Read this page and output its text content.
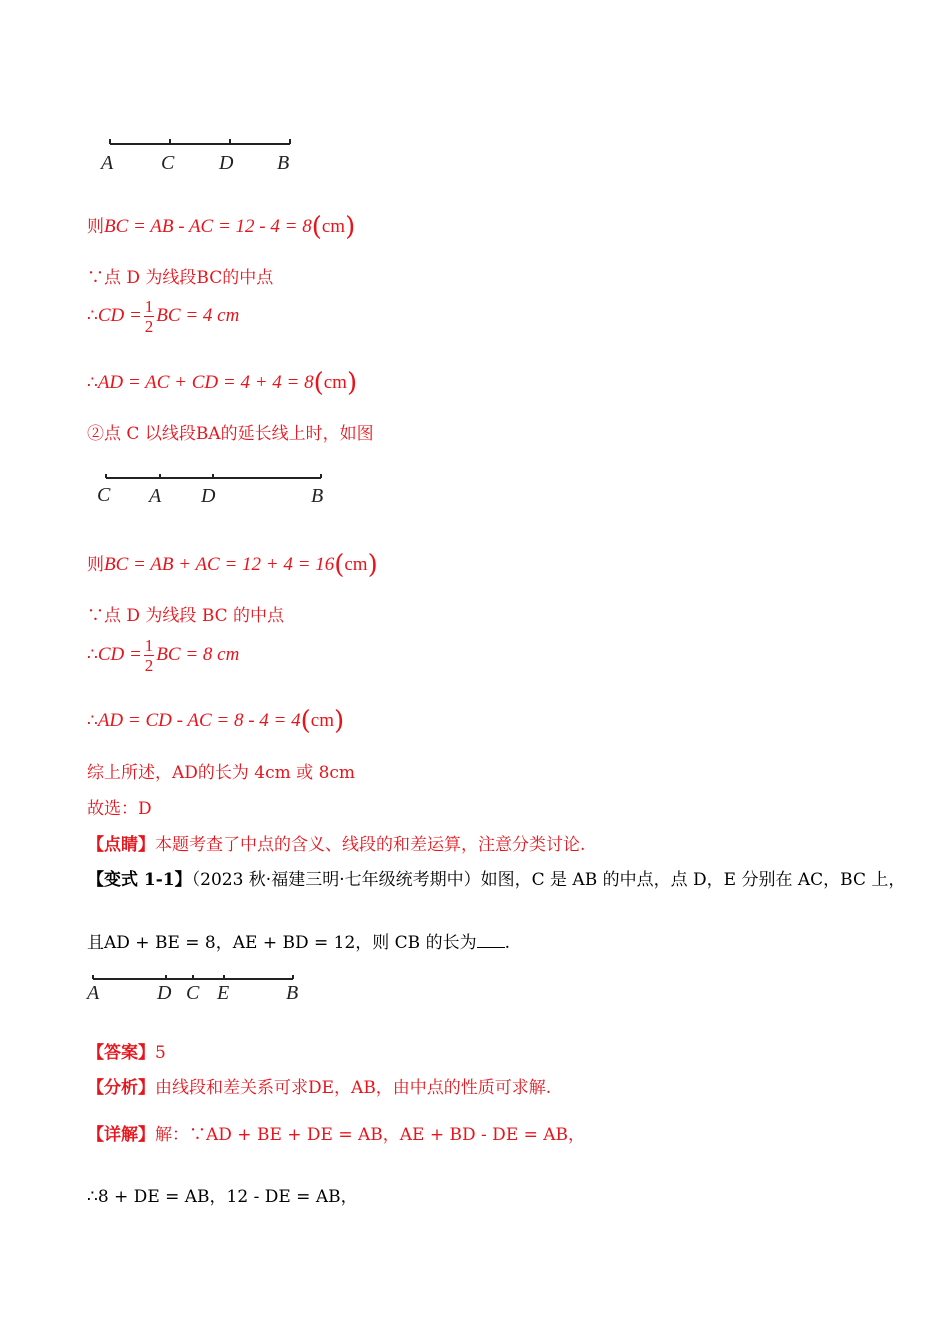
A C D B
C A D	B
A	D C E	B
则BC = AB - AC = 12 - 4 = 8(cm)
∵点 D 为线段BC的中点
∴CD = $\frac{1}{2}$ BC = 4 cm
∴AD = AC + CD = 4 + 4 = 8(cm)
②点 C 以线段BA的延长线上时，如图
则BC = AB + AC = 12 + 4 = 16(cm)
∵点 D 为线段 BC 的中点
∴CD = $\frac{1}{2}$ BC = 8 cm
∴AD = CD - AC = 8 - 4 = 4(cm)
综上所述，AD的长为 4cm 或 8cm
故选：D
【点睛】本题考查了中点的含义、线段的和差运算，注意分类讨论.
【变式 1-1】（2023 秋·福建三明·七年级统考期中）如图，C 是 AB 的中点，点 D，E 分别在 AC，BC 上，
且AD + BE = 8，AE + BD = 12，则 CB 的长为 .
【答案】5
【分析】由线段和差关系可求DE，AB，由中点的性质可求解.
【详解】解：∵AD + BE + DE = AB，AE + BD - DE = AB，
∴8 + DE = AB，12 - DE = AB，
